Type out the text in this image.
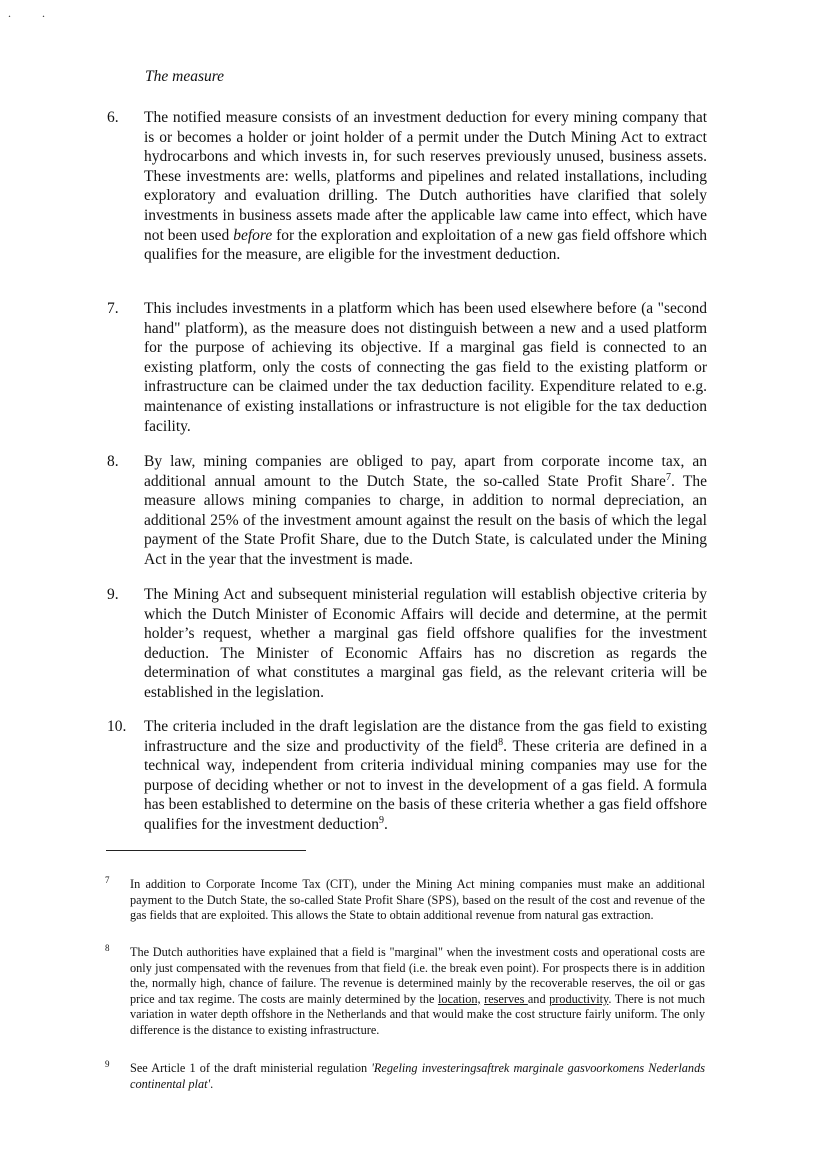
. .
The measure
6. The notified measure consists of an investment deduction for every mining company that is or becomes a holder or joint holder of a permit under the Dutch Mining Act to extract hydrocarbons and which invests in, for such reserves previously unused, business assets. These investments are: wells, platforms and pipelines and related installations, including exploratory and evaluation drilling. The Dutch authorities have clarified that solely investments in business assets made after the applicable law came into effect, which have not been used before for the exploration and exploitation of a new gas field offshore which qualifies for the measure, are eligible for the investment deduction.
7. This includes investments in a platform which has been used elsewhere before (a "second hand" platform), as the measure does not distinguish between a new and a used platform for the purpose of achieving its objective. If a marginal gas field is connected to an existing platform, only the costs of connecting the gas field to the existing platform or infrastructure can be claimed under the tax deduction facility. Expenditure related to e.g. maintenance of existing installations or infrastructure is not eligible for the tax deduction facility.
8. By law, mining companies are obliged to pay, apart from corporate income tax, an additional annual amount to the Dutch State, the so-called State Profit Share$^7$. The measure allows mining companies to charge, in addition to normal depreciation, an additional 25% of the investment amount against the result on the basis of which the legal payment of the State Profit Share, due to the Dutch State, is calculated under the Mining Act in the year that the investment is made.
9. The Mining Act and subsequent ministerial regulation will establish objective criteria by which the Dutch Minister of Economic Affairs will decide and determine, at the permit holder’s request, whether a marginal gas field offshore qualifies for the investment deduction. The Minister of Economic Affairs has no discretion as regards the determination of what constitutes a marginal gas field, as the relevant criteria will be established in the legislation.
10. The criteria included in the draft legislation are the distance from the gas field to existing infrastructure and the size and productivity of the field$^8$. These criteria are defined in a technical way, independent from criteria individual mining companies may use for the purpose of deciding whether or not to invest in the development of a gas field. A formula has been established to determine on the basis of these criteria whether a gas field offshore qualifies for the investment deduction$^9$.
7 In addition to Corporate Income Tax (CIT), under the Mining Act mining companies must make an additional payment to the Dutch State, the so-called State Profit Share (SPS), based on the result of the cost and revenue of the gas fields that are exploited. This allows the State to obtain additional revenue from natural gas extraction.
8 The Dutch authorities have explained that a field is "marginal" when the investment costs and operational costs are only just compensated with the revenues from that field (i.e. the break even point). For prospects there is in addition the, normally high, chance of failure. The revenue is determined mainly by the recoverable reserves, the oil or gas price and tax regime. The costs are mainly determined by the location, reserves and productivity. There is not much variation in water depth offshore in the Netherlands and that would make the cost structure fairly uniform. The only difference is the distance to existing infrastructure.
9 See Article 1 of the draft ministerial regulation 'Regeling investeringsaftrek marginale gasvoorkomens Nederlands continental plat'.
